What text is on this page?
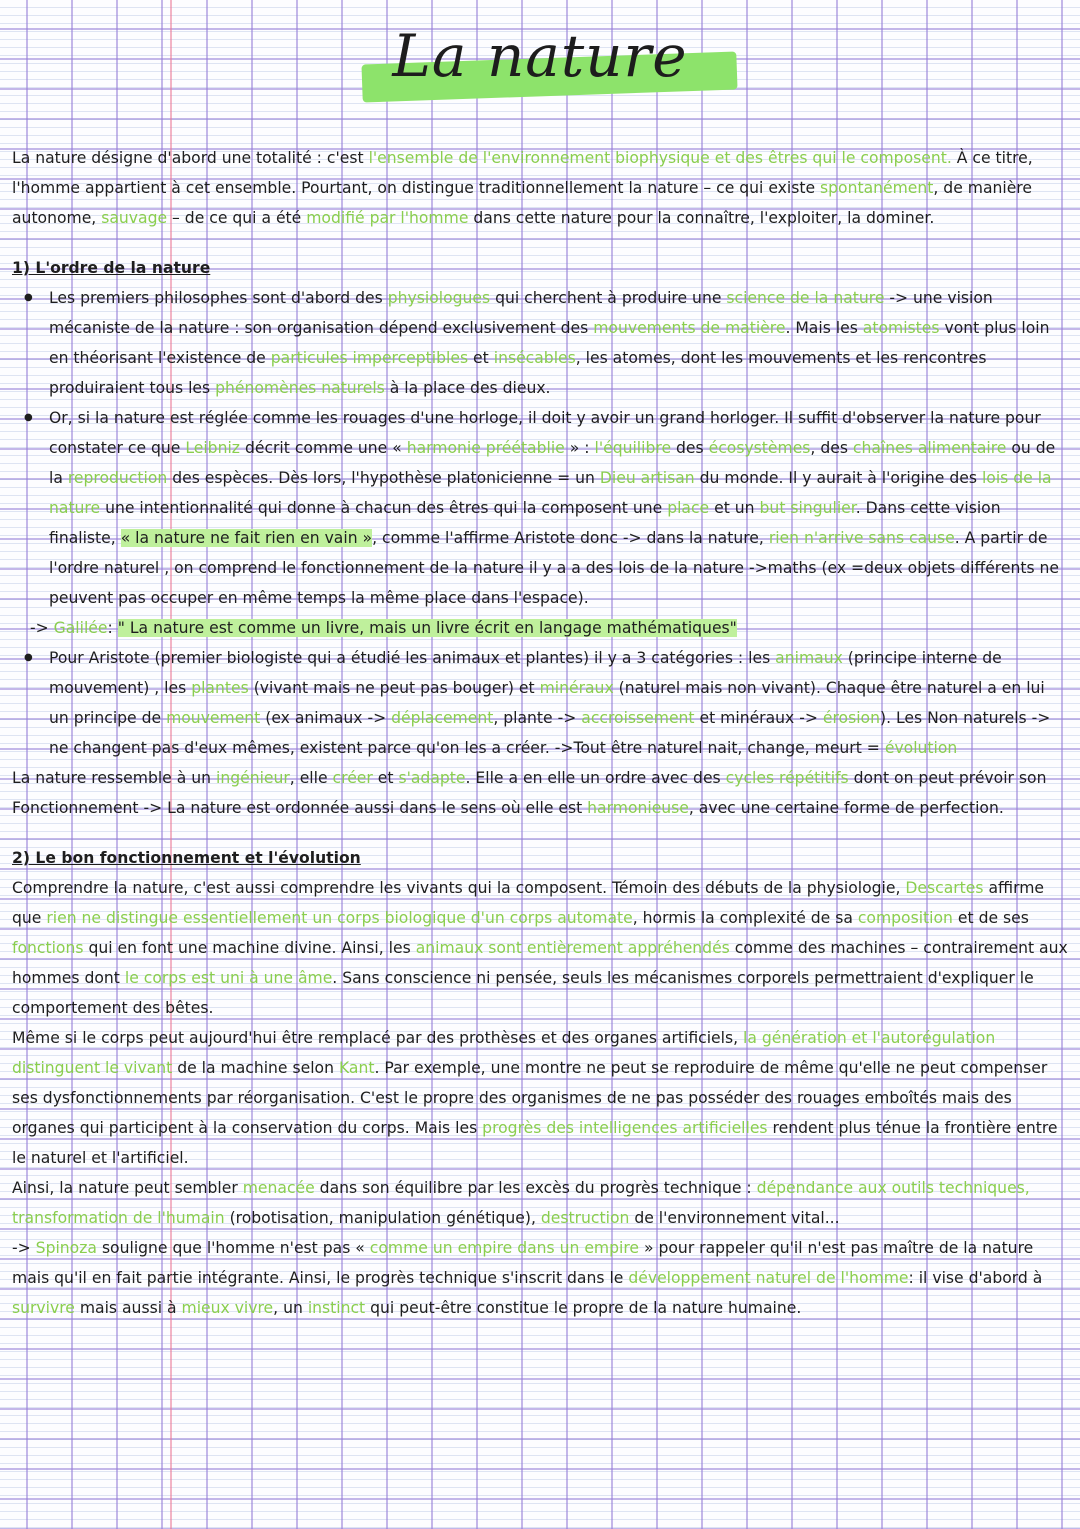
La nature

La nature désigne d'abord une totalité : c'est l'ensemble de l'environnement biophysique et des êtres qui le composent. À ce titre, l'homme appartient à cet ensemble. Pourtant, on distingue traditionnellement la nature – ce qui existe spontanément, de manière autonome, sauvage – de ce qui a été modifié par l'homme dans cette nature pour la connaître, l'exploiter, la dominer.

1) L'ordre de la nature

● Les premiers philosophes sont d'abord des physiologues qui cherchent à produire une science de la nature -> une vision mécaniste de la nature : son organisation dépend exclusivement des mouvements de matière. Mais les atomistes vont plus loin en théorisant l'existence de particules imperceptibles et insécables, les atomes, dont les mouvements et les rencontres produiraient tous les phénomènes naturels à la place des dieux.
● Or, si la nature est réglée comme les rouages d'une horloge, il doit y avoir un grand horloger. Il suffit d'observer la nature pour constater ce que Leibniz décrit comme une « harmonie préétablie » : l'équilibre des écosystèmes, des chaînes alimentaire ou de la reproduction des espèces. Dès lors, l'hypothèse platonicienne = un Dieu artisan du monde. Il y aurait à l'origine des lois de la nature une intentionnalité qui donne à chacun des êtres qui la composent une place et un but singulier. Dans cette vision finaliste, « la nature ne fait rien en vain », comme l'affirme Aristote donc -> dans la nature, rien n'arrive sans cause. A partir de l'ordre naturel , on comprend le fonctionnement de la nature il y a a des lois de la nature ->maths (ex =deux objets différents ne peuvent pas occuper en même temps la même place dans l'espace).

-> Galilée: " La nature est comme un livre, mais un livre écrit en langage mathématiques"

● Pour Aristote (premier biologiste qui a étudié les animaux et plantes) il y a 3 catégories : les animaux (principe interne de mouvement) , les plantes (vivant mais ne peut pas bouger) et minéraux (naturel mais non vivant). Chaque être naturel a en lui un principe de mouvement (ex animaux -> déplacement, plante -> accroissement et minéraux -> érosion). Les Non naturels -> ne changent pas d'eux mêmes, existent parce qu'on les a créer. ->Tout être naturel nait, change, meurt = évolution

La nature ressemble à un ingénieur, elle créer et s'adapte. Elle a en elle un ordre avec des cycles répétitifs dont on peut prévoir son Fonctionnement -> La nature est ordonnée aussi dans le sens où elle est harmonieuse, avec une certaine forme de perfection.

2) Le bon fonctionnement et l'évolution

Comprendre la nature, c'est aussi comprendre les vivants qui la composent. Témoin des débuts de la physiologie, Descartes affirme que rien ne distingue essentiellement un corps biologique d'un corps automate, hormis la complexité de sa composition et de ses fonctions qui en font une machine divine. Ainsi, les animaux sont entièrement appréhendés comme des machines – contrairement aux hommes dont le corps est uni à une âme. Sans conscience ni pensée, seuls les mécanismes corporels permettraient d'expliquer le comportement des bêtes.

Même si le corps peut aujourd'hui être remplacé par des prothèses et des organes artificiels, la génération et l'autorégulation distinguent le vivant de la machine selon Kant. Par exemple, une montre ne peut se reproduire de même qu'elle ne peut compenser ses dysfonctionnements par réorganisation. C'est le propre des organismes de ne pas posséder des rouages emboîtés mais des organes qui participent à la conservation du corps. Mais les progrès des intelligences artificielles rendent plus ténue la frontière entre le naturel et l'artificiel.

Ainsi, la nature peut sembler menacée dans son équilibre par les excès du progrès technique : dépendance aux outils techniques, transformation de l'humain (robotisation, manipulation génétique), destruction de l'environnement vital...

-> Spinoza souligne que l'homme n'est pas « comme un empire dans un empire » pour rappeler qu'il n'est pas maître de la nature mais qu'il en fait partie intégrante. Ainsi, le progrès technique s'inscrit dans le développement naturel de l'homme: il vise d'abord à survivre mais aussi à mieux vivre, un instinct qui peut-être constitue le propre de la nature humaine.
